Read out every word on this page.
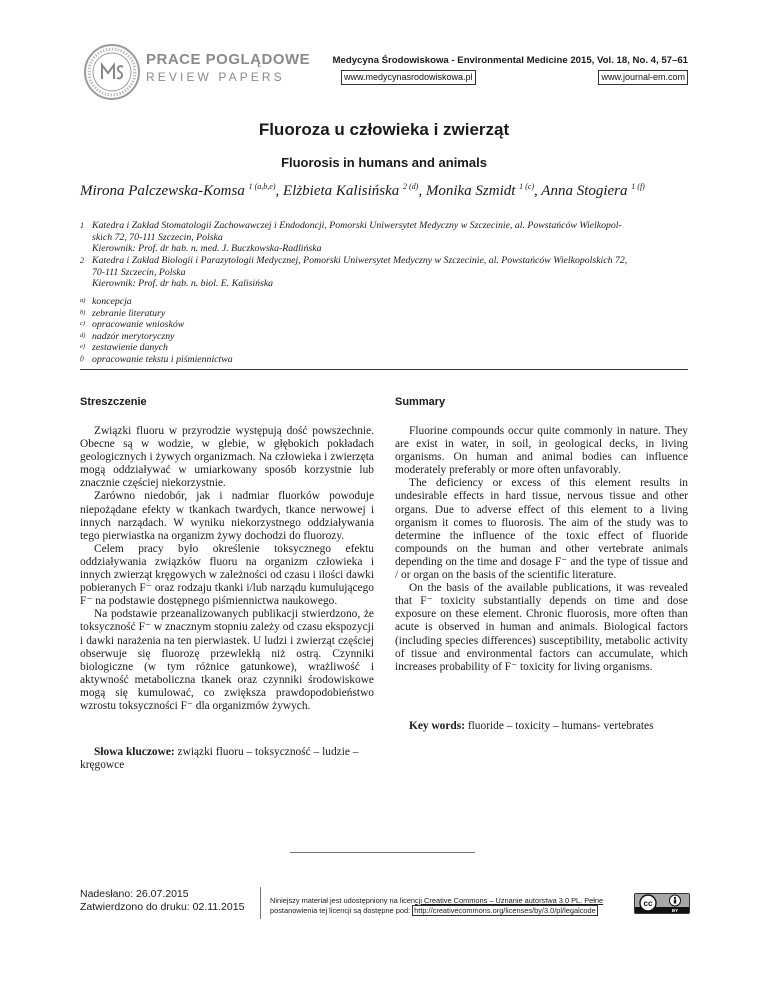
PRACE POGLĄDOWE
REVIEW PAPERS
Medycyna Środowiskowa - Environmental Medicine 2015, Vol. 18, No. 4, 57–61
www.medycynasrodowiskowa.pl	www.journal-em.com
Fluoroza u człowieka i zwierząt
Fluorosis in humans and animals
Mirona Palczewska-Komsa $^{1 (a,b,e)}$, Elżbieta Kalisińska $^{2 (d)}$, Monika Szmidt $^{1 (c)}$, Anna Stogiera $^{1 (f)}$
1 Katedra i Zakład Stomatologii Zachowawczej i Endodoncji, Pomorski Uniwersytet Medyczny w Szczecinie, al. Powstańców Wielkopol-
skich 72, 70-111 Szczecin, Polska
Kierownik: Prof. dr hab. n. med. J. Buczkowska-Radlińska
2 Katedra i Zakład Biologii i Parazytologii Medycznej, Pomorski Uniwersytet Medyczny w Szczecinie, al. Powstańców Wielkopolskich 72,
70-111 Szczecin, Polska
Kierownik: Prof. dr hab. n. biol. E. Kalisińska
a) koncepcja
b) zebranie literatury
c) opracowanie wniosków
d) nadzór merytoryczny
e) zestawienie danych
f) opracowanie tekstu i piśmiennictwa
Streszczenie	Summary

Związki fluoru w przyrodzie występują dość powszechnie. Obecne są w wodzie, w glebie, w głębokich pokładach geologicznych i żywych organizmach. Na człowieka i zwierzęta mogą oddziaływać w umiarkowany sposób korzystnie lub znacznie częściej niekorzystnie.

Zarówno niedobór, jak i nadmiar fluorków powoduje niepożądane efekty w tkankach twardych, tkance nerwowej i innych narządach. W wyniku niekorzystnego oddziaływania tego pierwiastka na organizm żywy dochodzi do fluorozy.

Celem pracy było określenie toksycznego efektu oddziaływania związków fluoru na organizm człowieka i innych zwierząt kręgowych w zależności od czasu i ilości dawki pobieranych F⁻ oraz rodzaju tkanki i/lub narządu kumulującego F⁻ na podstawie dostępnego piśmiennictwa naukowego.

Na podstawie przeanalizowanych publikacji stwierdzono, że toksyczność F⁻ w znacznym stopniu zależy od czasu ekspozycji i dawki narażenia na ten pierwiastek. U ludzi i zwierząt częściej obserwuje się fluorozę przewlekłą niż ostrą. Czynniki biologiczne (w tym różnice gatunkowe), wrażliwość i aktywność metaboliczna tkanek oraz czynniki środowiskowe mogą się kumulować, co zwiększa prawdopodobieństwo wzrostu toksyczności F⁻ dla organizmów żywych.

Słowa kluczowe: związki fluoru – toksyczność – ludzie – kręgowce

Fluorine compounds occur quite commonly in nature. They are exist in water, in soil, in geological decks, in living organisms. On human and animal bodies can influence moderately preferably or more often unfavorably.

The deficiency or excess of this element results in undesirable effects in hard tissue, nervous tissue and other organs. Due to adverse effect of this element to a living organism it comes to fluorosis. The aim of the study was to determine the influence of the toxic effect of fluoride compounds on the human and other vertebrate animals depending on the time and dosage F⁻ and the type of tissue and / or organ on the basis of the scientific literature.

On the basis of the available publications, it was revealed that F⁻ toxicity substantially depends on time and dose exposure on these element. Chronic fluorosis, more often than acute is observed in human and animals. Biological factors (including species differences) susceptibility, metabolic activity of tissue and environmental factors can accumulate, which increases probability of F⁻ toxicity for living organisms.

Key words: fluoride – toxicity – humans- vertebrates
Nadesłano: 26.07.2015
Zatwierdzono do druku: 02.11.2015
Niniejszy materiał jest udostępniony na licencji Creative Commons – Uznanie autorstwa 3.0 PL. Pełne
postanowienia tej licencji są dostępne pod: http://creativecommons.org/licenses/by/3.0/pl/legalcode
cc
BY
